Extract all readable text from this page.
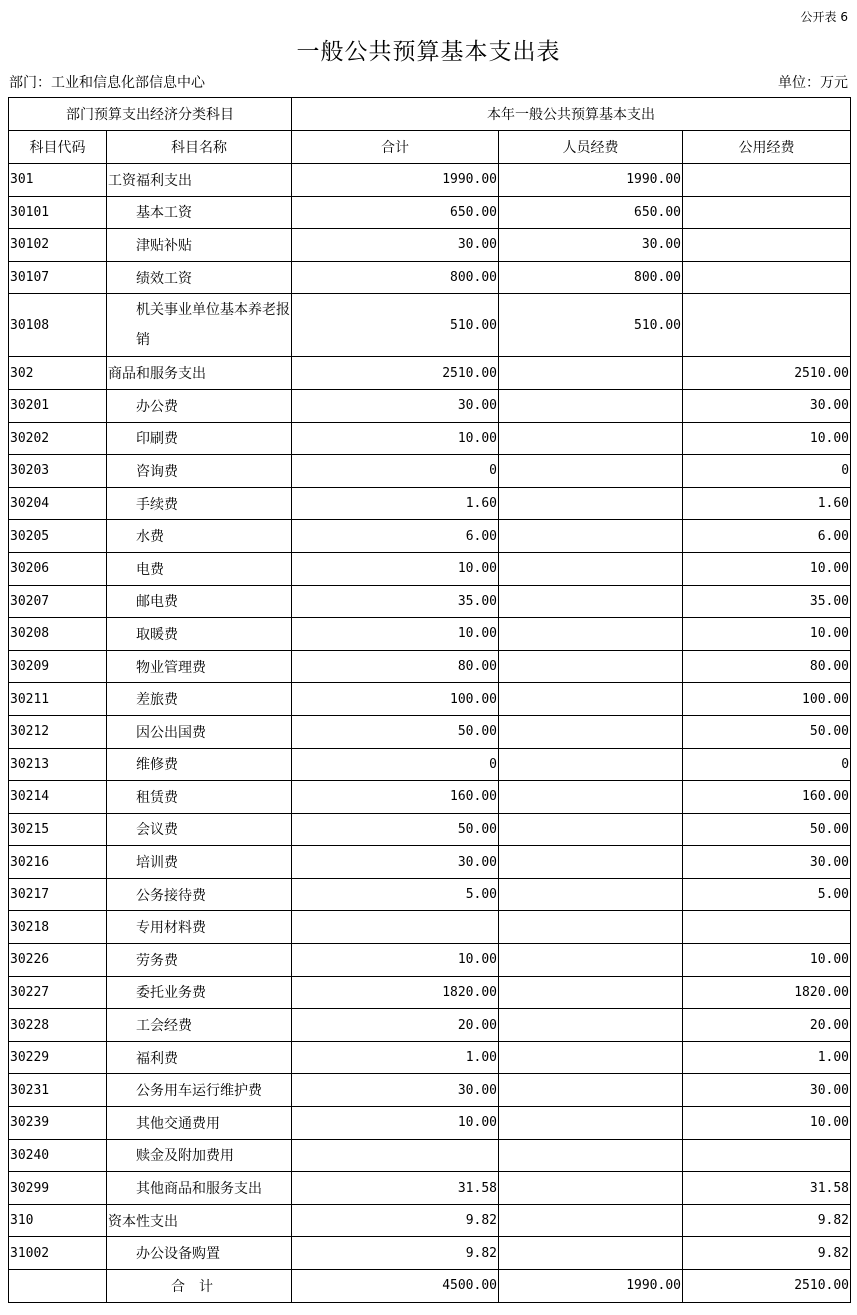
公开表 6
一般公共预算基本支出表
部门：工业和信息化部信息中心	单位：万元
部门预算支出经济分类科目		本年一般公共预算基本支出		
科目代码	科目名称	合计	人员经费	公用经费
301	工资福利支出	1990.00	1990.00	
30101	基本工资	650.00	650.00	
30102	津贴补贴	30.00	30.00	
30107	绩效工资	800.00	800.00	
30108	机关事业单位基本养老报销	510.00	510.00	
302	商品和服务支出	2510.00		2510.00
30201	办公费	30.00		30.00
30202	印刷费	10.00		10.00
30203	咨询费	0		0
30204	手续费	1.60		1.60
30205	水费	6.00		6.00
30206	电费	10.00		10.00
30207	邮电费	35.00		35.00
30208	取暖费	10.00		10.00
30209	物业管理费	80.00		80.00
30211	差旅费	100.00		100.00
30212	因公出国费	50.00		50.00
30213	维修费	0		0
30214	租赁费	160.00		160.00
30215	会议费	50.00		50.00
30216	培训费	30.00		30.00
30217	公务接待费	5.00		5.00
30218	专用材料费			
30226	劳务费	10.00		10.00
30227	委托业务费	1820.00		1820.00
30228	工会经费	20.00		20.00
30229	福利费	1.00		1.00
30231	公务用车运行维护费	30.00		30.00
30239	其他交通费用	10.00		10.00
30240	赎金及附加费用			
30299	其他商品和服务支出	31.58		31.58
310	资本性支出	9.82		9.82
31002	办公设备购置	9.82		9.82
	合计	4500.00	1990.00	2510.00
